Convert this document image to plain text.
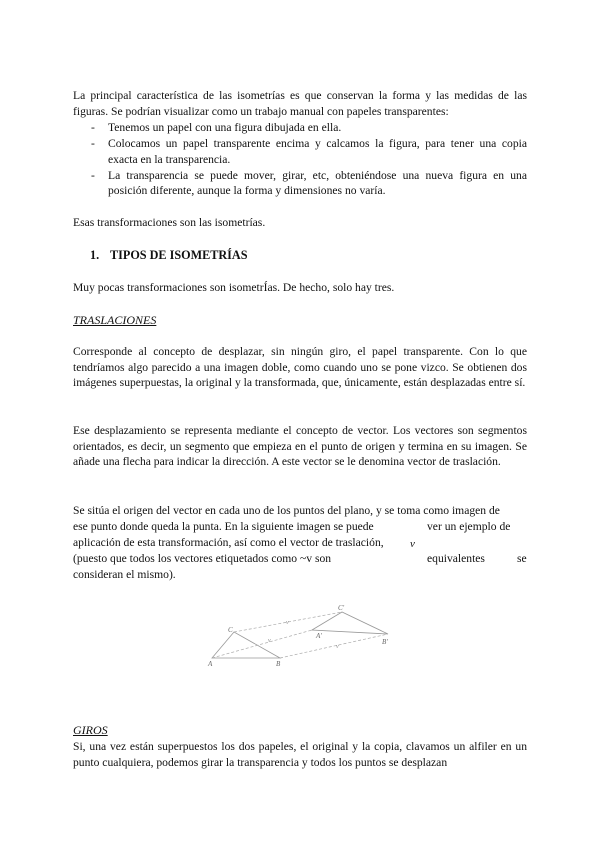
La principal característica de las isometrías es que conservan la forma y las medidas de las figuras. Se podrían visualizar como un trabajo manual con papeles transparentes:

- Tenemos un papel con una figura dibujada en ella.
- Colocamos un papel transparente encima y calcamos la figura, para tener una copia exacta en la transparencia.
- La transparencia se puede mover, girar, etc, obteniéndose una nueva figura en una posición diferente, aunque la forma y dimensiones no varía.

Esas transformaciones son las isometrías.

1. TIPOS DE ISOMETRÍAS

Muy pocas transformaciones son isometrÍas. De hecho, solo hay tres.

TRASLACIONES

Corresponde al concepto de desplazar, sin ningún giro, el papel transparente. Con lo que tendríamos algo parecido a una imagen doble, como cuando uno se pone vizco. Se obtienen dos imágenes superpuestas, la original y la transformada, que, únicamente, están desplazadas entre sí.

Ese desplazamiento se representa mediante el concepto de vector. Los vectores son segmentos orientados, es decir, un segmento que empieza en el punto de origen y termina en su imagen. Se añade una flecha para indicar la dirección. A este vector se le denomina vector de traslación.

Se sitúa el origen del vector en cada uno de los puntos del plano, y se toma como imagen de
ese punto donde queda la punta. En la siguiente imagen se puede	ver un ejemplo de
aplicación de esta transformación, así como el vector de traslación,	v⃗
(puesto que todos los vectores etiquetados como ~v son	equivalentes	se
consideran el mismo).
A
C
B
A'
C'
B'
v
v
v

GIROS

Si, una vez están superpuestos los dos papeles, el original y la copia, clavamos un alfiler en un punto cualquiera, podemos girar la transparencia y todos los puntos se desplazan
